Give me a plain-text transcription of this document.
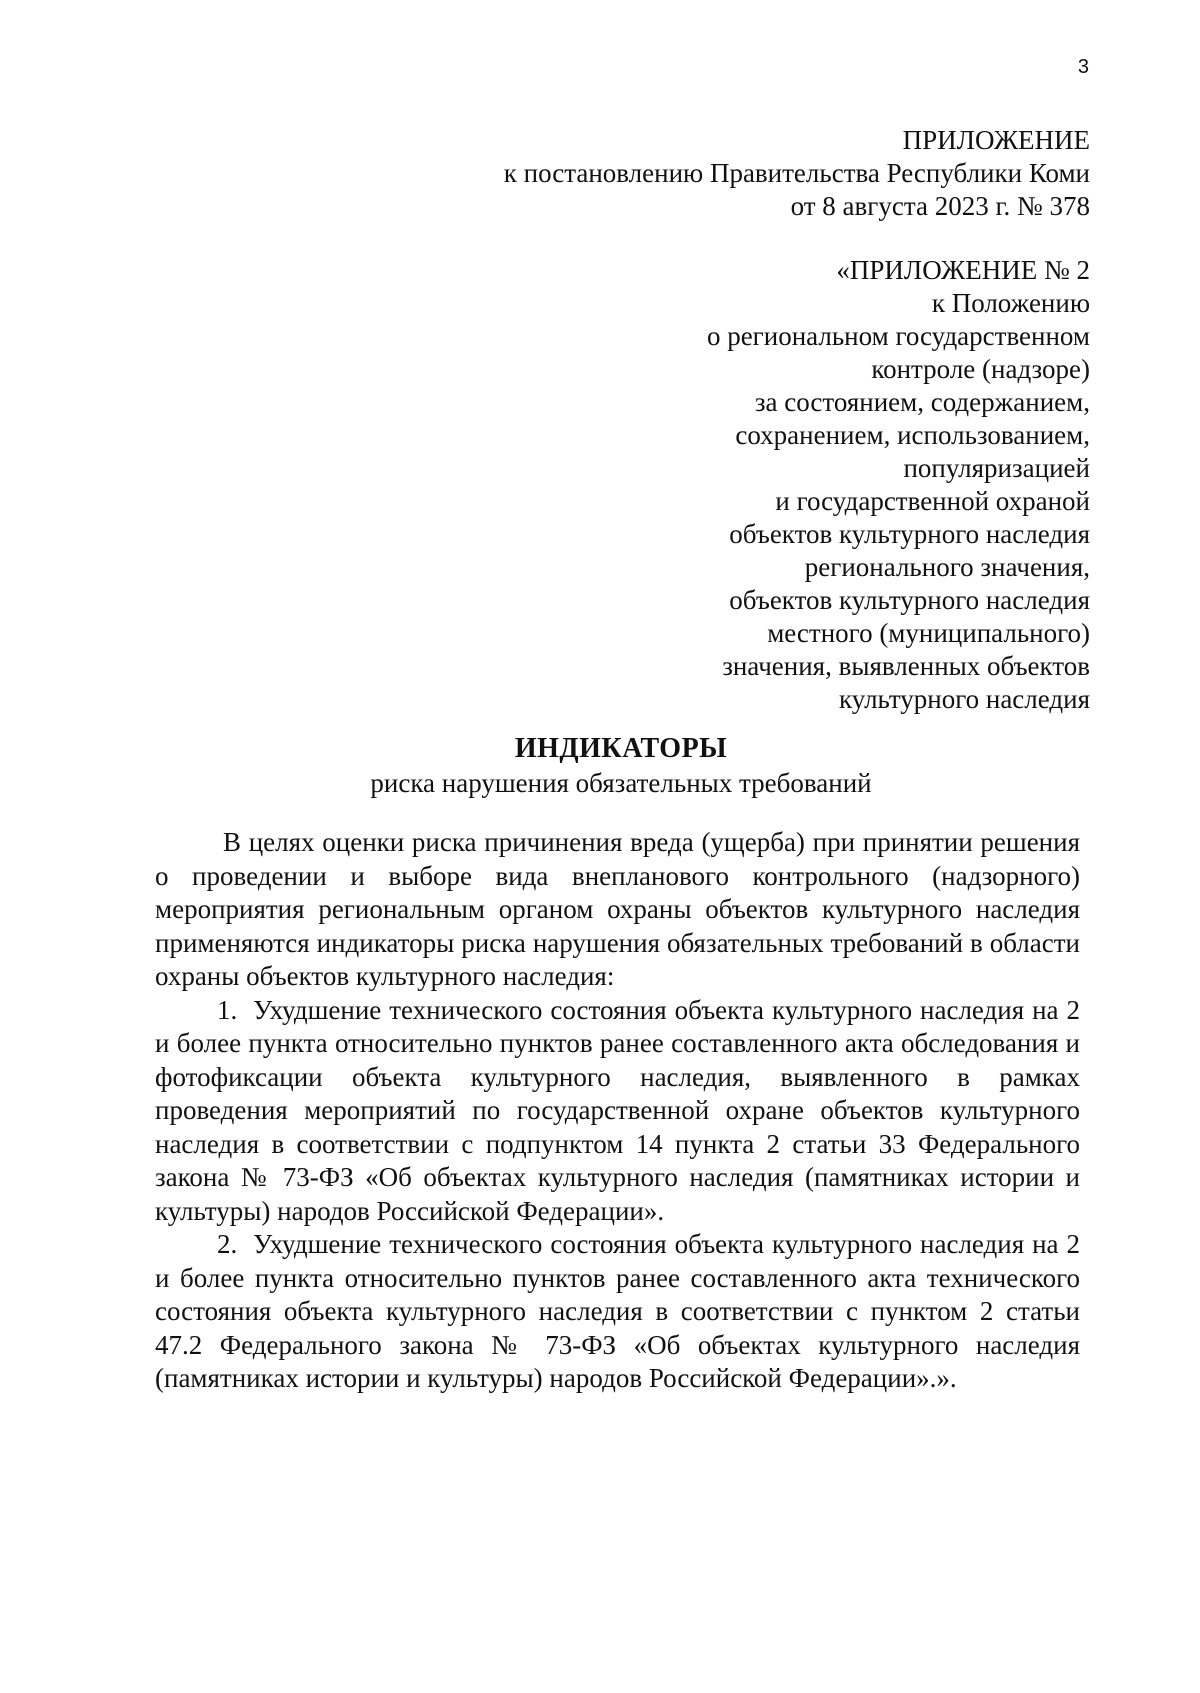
3
ПРИЛОЖЕНИЕ
к постановлению Правительства Республики Коми
от 8 августа 2023 г. № 378
«ПРИЛОЖЕНИЕ № 2
к Положению
о региональном государственном
контроле (надзоре)
за состоянием, содержанием,
сохранением, использованием,
популяризацией
и государственной охраной
объектов культурного наследия
регионального значения,
объектов культурного наследия
местного (муниципального)
значения, выявленных объектов
культурного наследия
ИНДИКАТОРЫ
риска нарушения обязательных требований

В целях оценки риска причинения вреда (ущерба) при принятии решения о проведении и выборе вида внепланового контрольного (надзорного) мероприятия региональным органом охраны объектов культурного наследия применяются индикаторы риска нарушения обязательных требований в области охраны объектов культурного наследия:

1. Ухудшение технического состояния объекта культурного наследия на 2 и более пункта относительно пунктов ранее составленного акта обследования и фотофиксации объекта культурного наследия, выявленного в рамках проведения мероприятий по государственной охране объектов культурного наследия в соответствии с подпунктом 14 пункта 2 статьи 33 Федерального закона № 73-ФЗ «Об объектах культурного наследия (памятниках истории и культуры) народов Российской Федерации».

2. Ухудшение технического состояния объекта культурного наследия на 2 и более пункта относительно пунктов ранее составленного акта технического состояния объекта культурного наследия в соответствии с пунктом 2 статьи 47.2 Федерального закона № 73-ФЗ «Об объектах культурного наследия (памятниках истории и культуры) народов Российской Федерации».».
